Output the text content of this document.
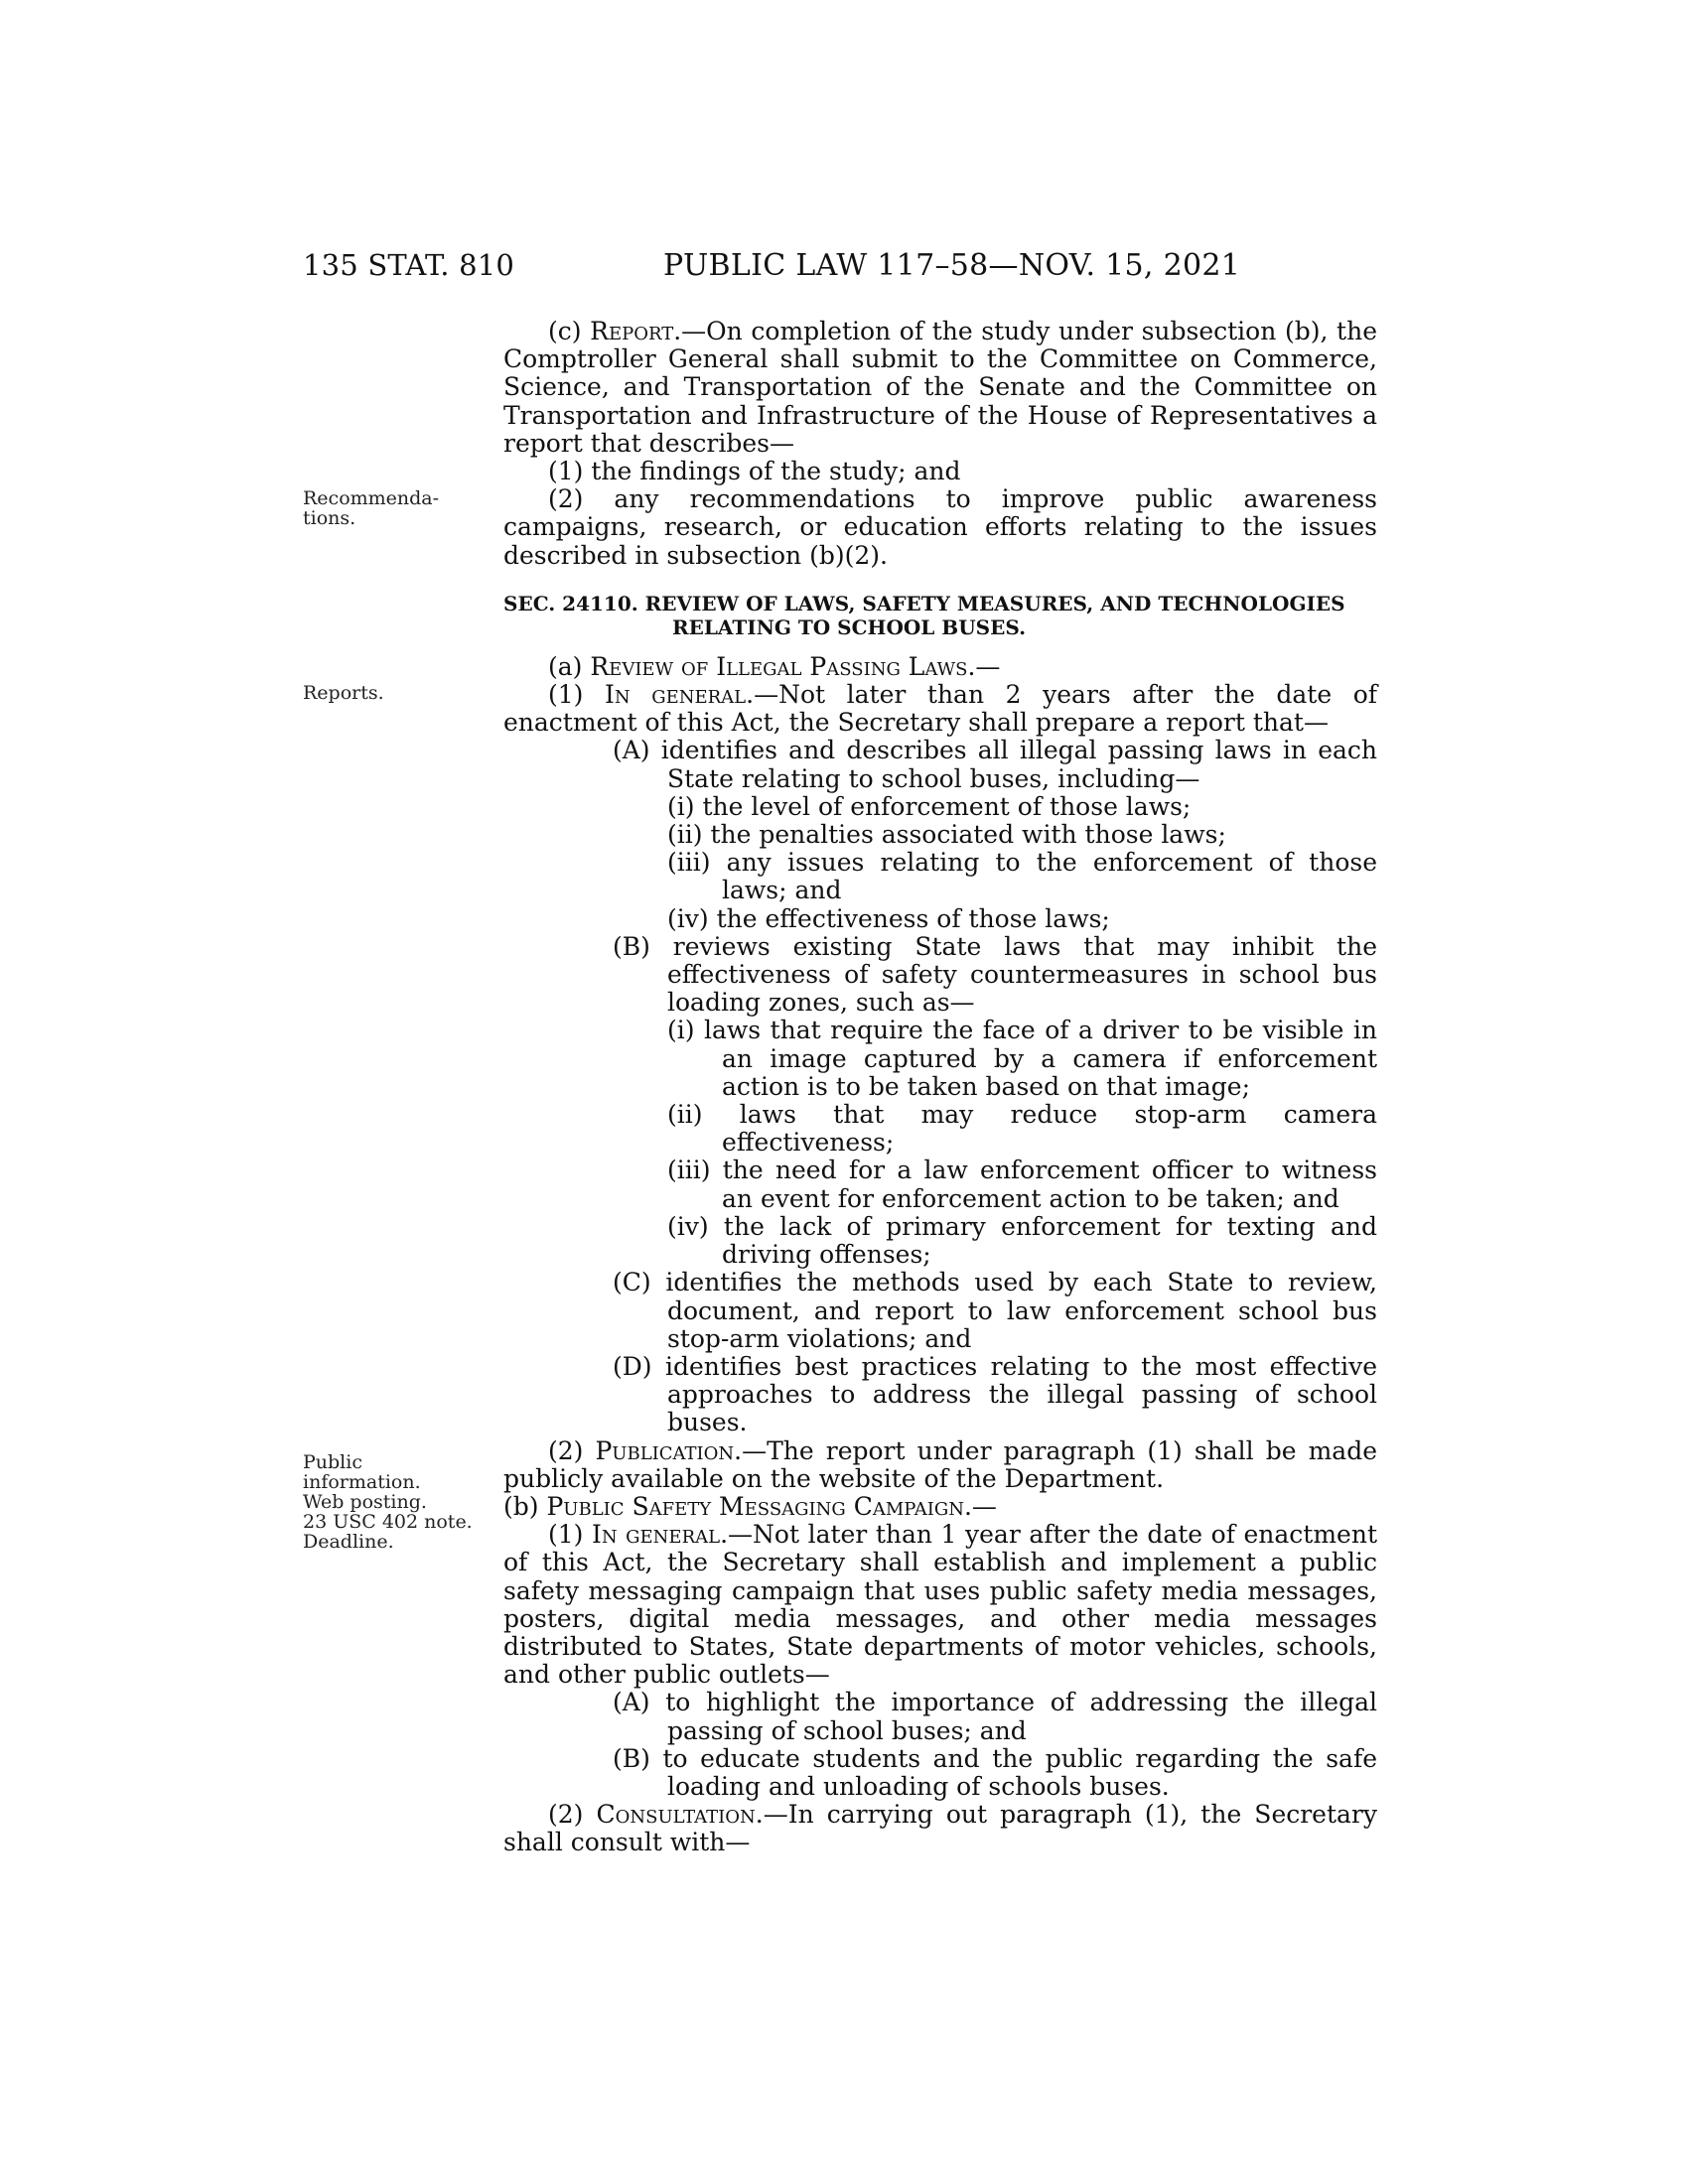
135 STAT. 810	PUBLIC LAW 117–58—NOV. 15, 2021
Recommenda-
tions.
Reports.
Public
information.
Web posting.
23 USC 402 note.
Deadline.

(c) Report.—On completion of the study under subsection (b), the Comptroller General shall submit to the Committee on Commerce, Science, and Transportation of the Senate and the Committee on Transportation and Infrastructure of the House of Representatives a report that describes—

(1) the findings of the study; and

(2) any recommendations to improve public awareness campaigns, research, or education efforts relating to the issues described in subsection (b)(2).

SEC. 24110. REVIEW OF LAWS, SAFETY MEASURES, AND TECHNOLOGIES
RELATING TO SCHOOL BUSES.

(a) Review of Illegal Passing Laws.—

(1) In general.—Not later than 2 years after the date of enactment of this Act, the Secretary shall prepare a report that—

(A) identifies and describes all illegal passing laws in each State relating to school buses, including—

(i) the level of enforcement of those laws;

(ii) the penalties associated with those laws;

(iii) any issues relating to the enforcement of those laws; and

(iv) the effectiveness of those laws;

(B) reviews existing State laws that may inhibit the effectiveness of safety countermeasures in school bus loading zones, such as—

(i) laws that require the face of a driver to be visible in an image captured by a camera if enforcement action is to be taken based on that image;

(ii) laws that may reduce stop-arm camera effectiveness;

(iii) the need for a law enforcement officer to witness an event for enforcement action to be taken; and

(iv) the lack of primary enforcement for texting and driving offenses;

(C) identifies the methods used by each State to review, document, and report to law enforcement school bus stop-arm violations; and

(D) identifies best practices relating to the most effective approaches to address the illegal passing of school buses.

(2) Publication.—The report under paragraph (1) shall be made publicly available on the website of the Department.

(b) Public Safety Messaging Campaign.—

(1) In general.—Not later than 1 year after the date of enactment of this Act, the Secretary shall establish and implement a public safety messaging campaign that uses public safety media messages, posters, digital media messages, and other media messages distributed to States, State departments of motor vehicles, schools, and other public outlets—

(A) to highlight the importance of addressing the illegal passing of school buses; and

(B) to educate students and the public regarding the safe loading and unloading of schools buses.

(2) Consultation.—In carrying out paragraph (1), the Secretary shall consult with—
